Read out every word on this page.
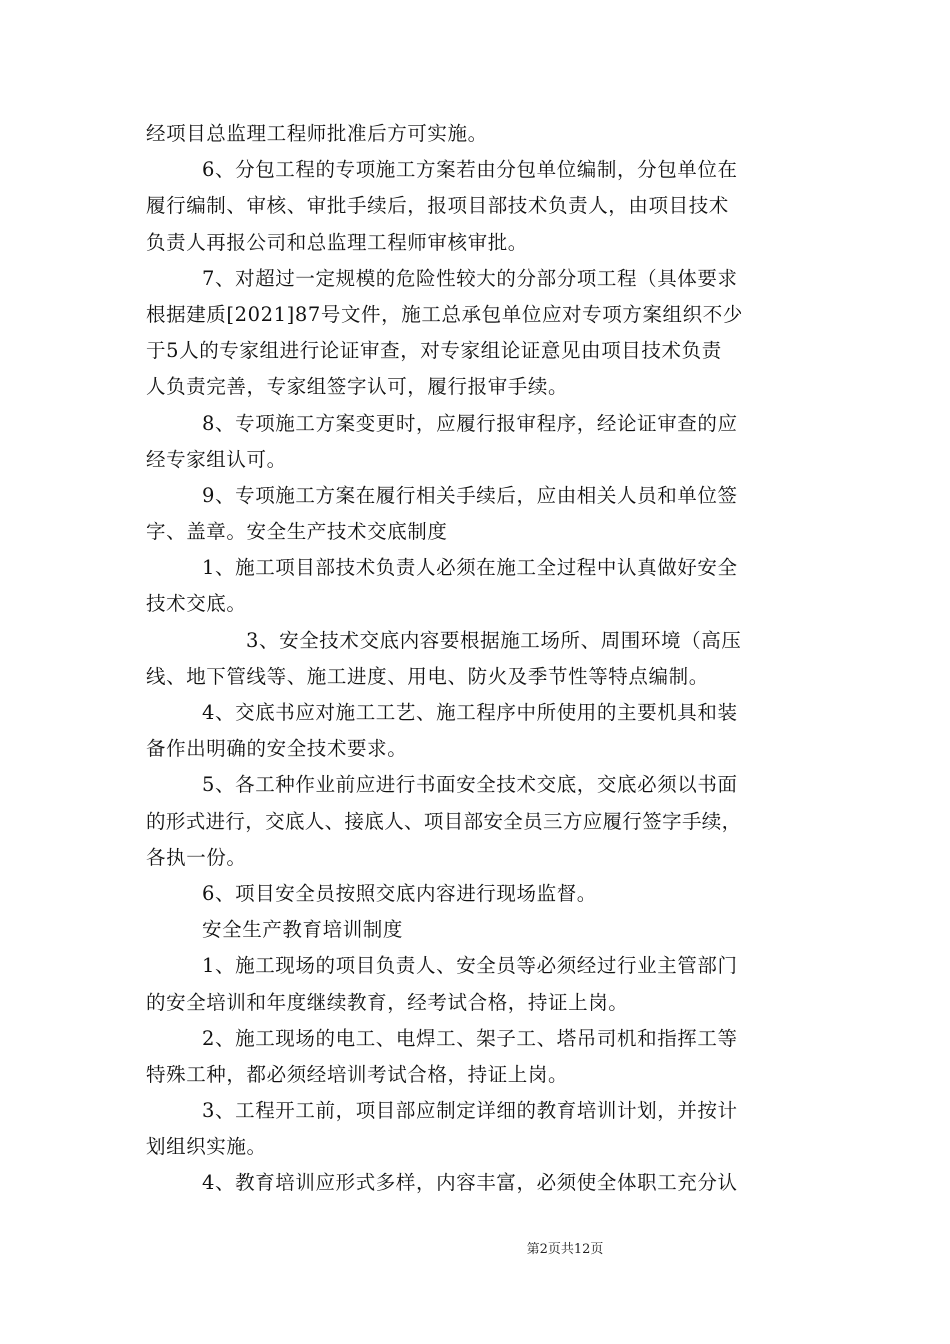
经项目总监理工程师批准后方可实施。
6、分包工程的专项施工方案若由分包单位编制，分包单位在
履行编制、审核、审批手续后，报项目部技术负责人，由项目技术
负责人再报公司和总监理工程师审核审批。
7、对超过一定规模的危险性较大的分部分项工程（具体要求
根据建质[2021]87号文件，施工总承包单位应对专项方案组织不少
于5人的专家组进行论证审查，对专家组论证意见由项目技术负责
人负责完善，专家组签字认可，履行报审手续。
8、专项施工方案变更时，应履行报审程序，经论证审查的应
经专家组认可。
9、专项施工方案在履行相关手续后，应由相关人员和单位签
字、盖章。安全生产技术交底制度
1、施工项目部技术负责人必须在施工全过程中认真做好安全
技术交底。
3、安全技术交底内容要根据施工场所、周围环境（高压
线、地下管线等、施工进度、用电、防火及季节性等特点编制。
4、交底书应对施工工艺、施工程序中所使用的主要机具和装
备作出明确的安全技术要求。
5、各工种作业前应进行书面安全技术交底，交底必须以书面
的形式进行，交底人、接底人、项目部安全员三方应履行签字手续，
各执一份。
6、项目安全员按照交底内容进行现场监督。
安全生产教育培训制度
1、施工现场的项目负责人、安全员等必须经过行业主管部门
的安全培训和年度继续教育，经考试合格，持证上岗。
2、施工现场的电工、电焊工、架子工、塔吊司机和指挥工等
特殊工种，都必须经培训考试合格，持证上岗。
3、工程开工前，项目部应制定详细的教育培训计划，并按计
划组织实施。
4、教育培训应形式多样，内容丰富，必须使全体职工充分认
第2页共12页
